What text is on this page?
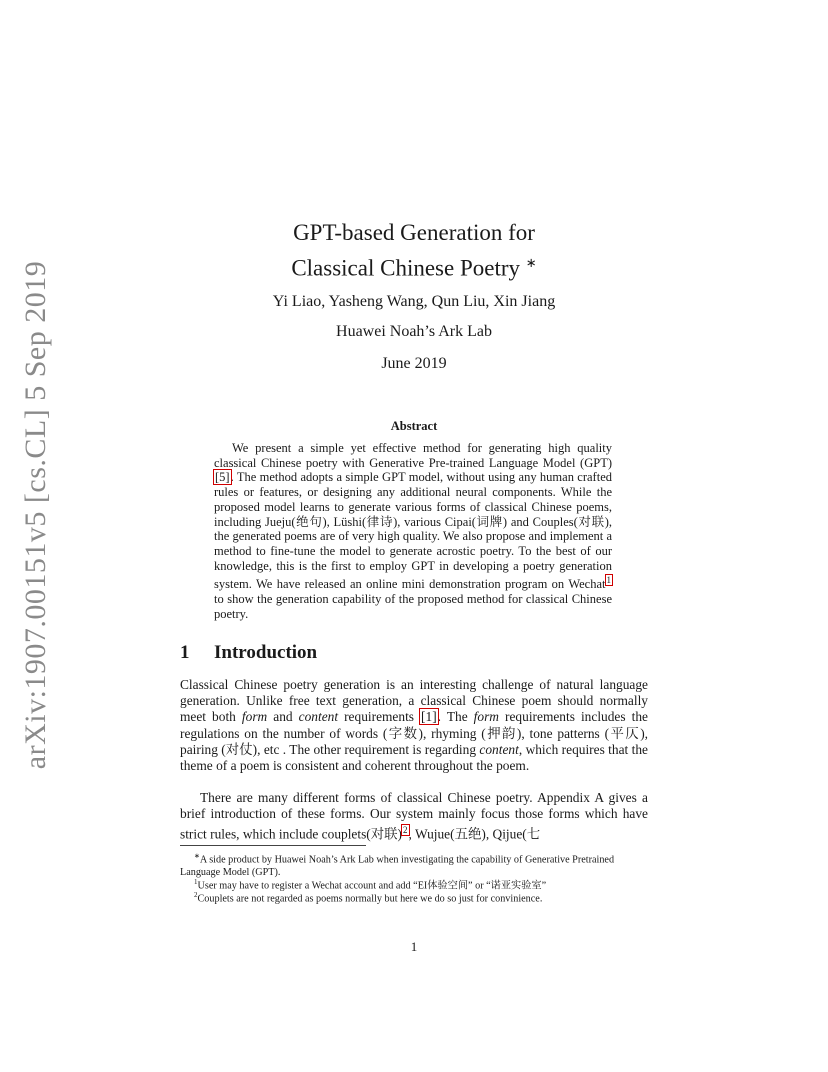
arXiv:1907.00151v5 [cs.CL] 5 Sep 2019
GPT-based Generation for
Classical Chinese Poetry ∗
Yi Liao, Yasheng Wang, Qun Liu, Xin Jiang
Huawei Noah’s Ark Lab
June 2019
Abstract

We present a simple yet effective method for generating high quality classical Chinese poetry with Generative Pre-trained Language Model (GPT)[5]. The method adopts a simple GPT model, without using any human crafted rules or features, or designing any additional neural components. While the proposed model learns to generate various forms of classical Chinese poems, including Jueju(绝句), Lüshi(律诗), various Cipai(词牌) and Couples(对联), the generated poems are of very high quality. We also propose and implement a method to fine-tune the model to generate acrostic poetry. To the best of our knowledge, this is the first to employ GPT in developing a poetry generation system. We have released an online mini demonstration program on Wechat$^1$ to show the generation capability of the proposed method for classical Chinese poetry.

1 Introduction

Classical Chinese poetry generation is an interesting challenge of natural language generation. Unlike free text generation, a classical Chinese poem should normally meet both form and content requirements [1]. The form requirements includes the regulations on the number of words (字数), rhyming (押韵), tone patterns (平仄), pairing (对仗), etc . The other requirement is regarding content, which requires that the theme of a poem is consistent and coherent throughout the poem.

There are many different forms of classical Chinese poetry. Appendix A gives a brief introduction of these forms. Our system mainly focus those forms which have strict rules, which include couplets(对联)$^2$, Wujue(五绝), Qijue(七

∗A side product by Huawei Noah’s Ark Lab when investigating the capability of Generative Pretrained Language Model (GPT).

$^1$User may have to register a Wechat account and add “EI体验空间” or “诺亚实验室”

$^2$Couplets are not regarded as poems normally but here we do so just for convinience.

1
